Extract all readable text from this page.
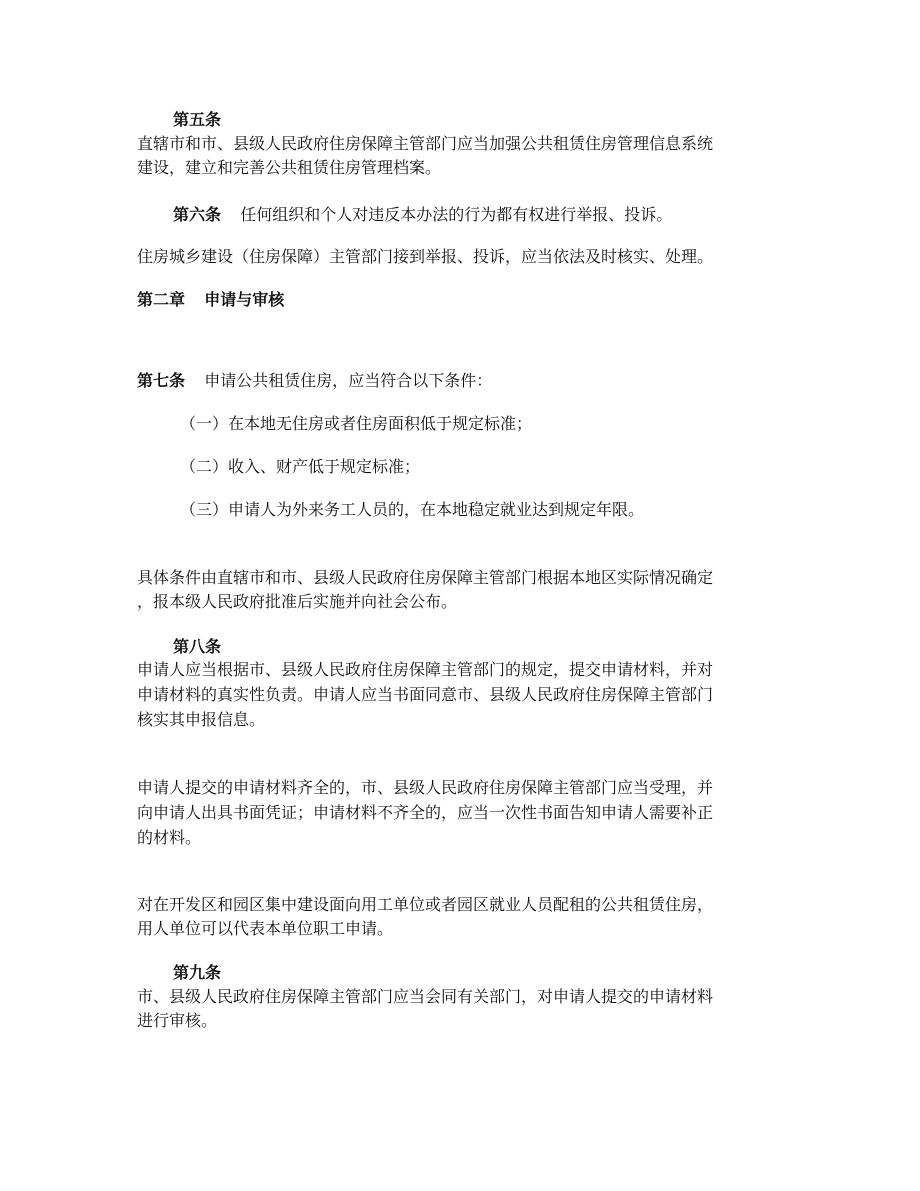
第五条
直辖市和市、县级人民政府住房保障主管部门应当加强公共租赁住房管理信息系统
建设，建立和完善公共租赁住房管理档案。
第六条 任何组织和个人对违反本办法的行为都有权进行举报、投诉。
住房城乡建设（住房保障）主管部门接到举报、投诉，应当依法及时核实、处理。
第二章 申请与审核
第七条 申请公共租赁住房，应当符合以下条件：
（一）在本地无住房或者住房面积低于规定标准；
（二）收入、财产低于规定标准；
（三）申请人为外来务工人员的，在本地稳定就业达到规定年限。
具体条件由直辖市和市、县级人民政府住房保障主管部门根据本地区实际情况确定
，报本级人民政府批准后实施并向社会公布。
第八条
申请人应当根据市、县级人民政府住房保障主管部门的规定，提交申请材料，并对
申请材料的真实性负责。申请人应当书面同意市、县级人民政府住房保障主管部门
核实其申报信息。
申请人提交的申请材料齐全的，市、县级人民政府住房保障主管部门应当受理，并
向申请人出具书面凭证；申请材料不齐全的，应当一次性书面告知申请人需要补正
的材料。
对在开发区和园区集中建设面向用工单位或者园区就业人员配租的公共租赁住房，
用人单位可以代表本单位职工申请。
第九条
市、县级人民政府住房保障主管部门应当会同有关部门，对申请人提交的申请材料
进行审核。
